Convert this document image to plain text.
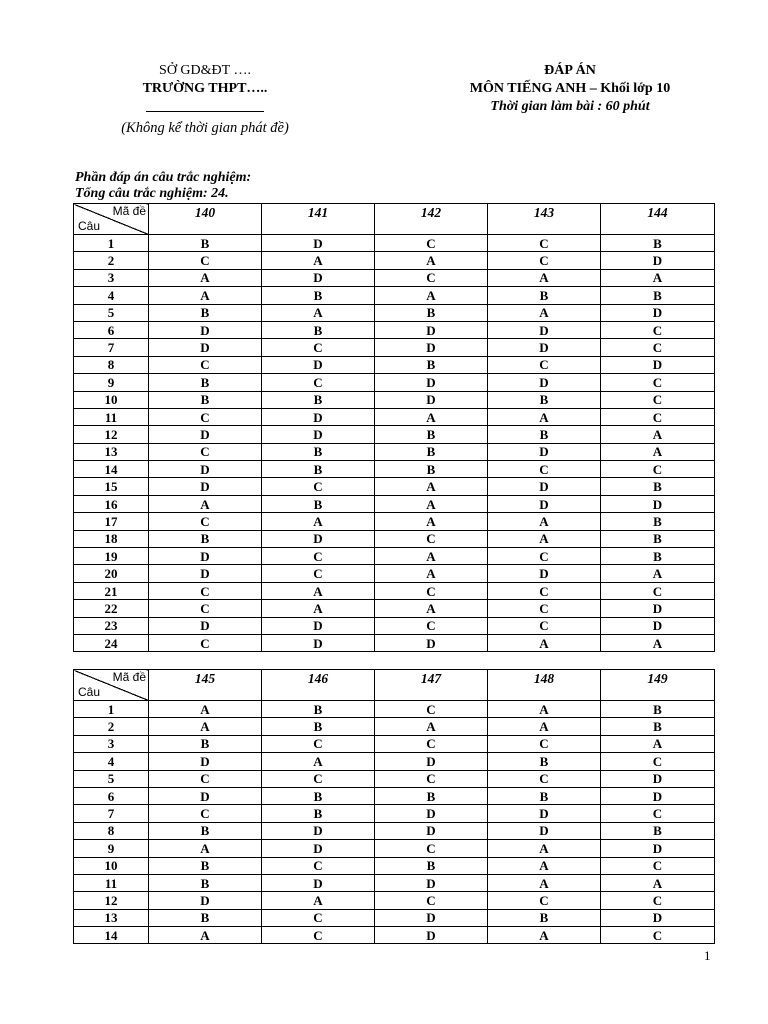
SỞ GD&ĐT ….
TRƯỜNG THPT…..
(Không kể thời gian phát đề)
ĐÁP ÁN
MÔN TIẾNG ANH – Khối lớp 10
Thời gian làm bài : 60 phút
Phần đáp án câu trắc nghiệm:
Tổng câu trắc nghiệm: 24.
Mã đề
Câu	140	141	142	143	144
1	B	D	C	C	B
2	C	A	A	C	D
3	A	D	C	A	A
4	A	B	A	B	B
5	B	A	B	A	D
6	D	B	D	D	C
7	D	C	D	D	C
8	C	D	B	C	D
9	B	C	D	D	C
10	B	B	D	B	C
11	C	D	A	A	C
12	D	D	B	B	A
13	C	B	B	D	A
14	D	B	B	C	C
15	D	C	A	D	B
16	A	B	A	D	D
17	C	A	A	A	B
18	B	D	C	A	B
19	D	C	A	C	B
20	D	C	A	D	A
21	C	A	C	C	C
22	C	A	A	C	D
23	D	D	C	C	D
24	C	D	D	A	A
Mã đề
Câu	145	146	147	148	149
1	A	B	C	A	B
2	A	B	A	A	B
3	B	C	C	C	A
4	D	A	D	B	C
5	C	C	C	C	D
6	D	B	B	B	D
7	C	B	D	D	C
8	B	D	D	D	B
9	A	D	C	A	D
10	B	C	B	A	C
11	B	D	D	A	A
12	D	A	C	C	C
13	B	C	D	B	D
14	A	C	D	A	C
1
